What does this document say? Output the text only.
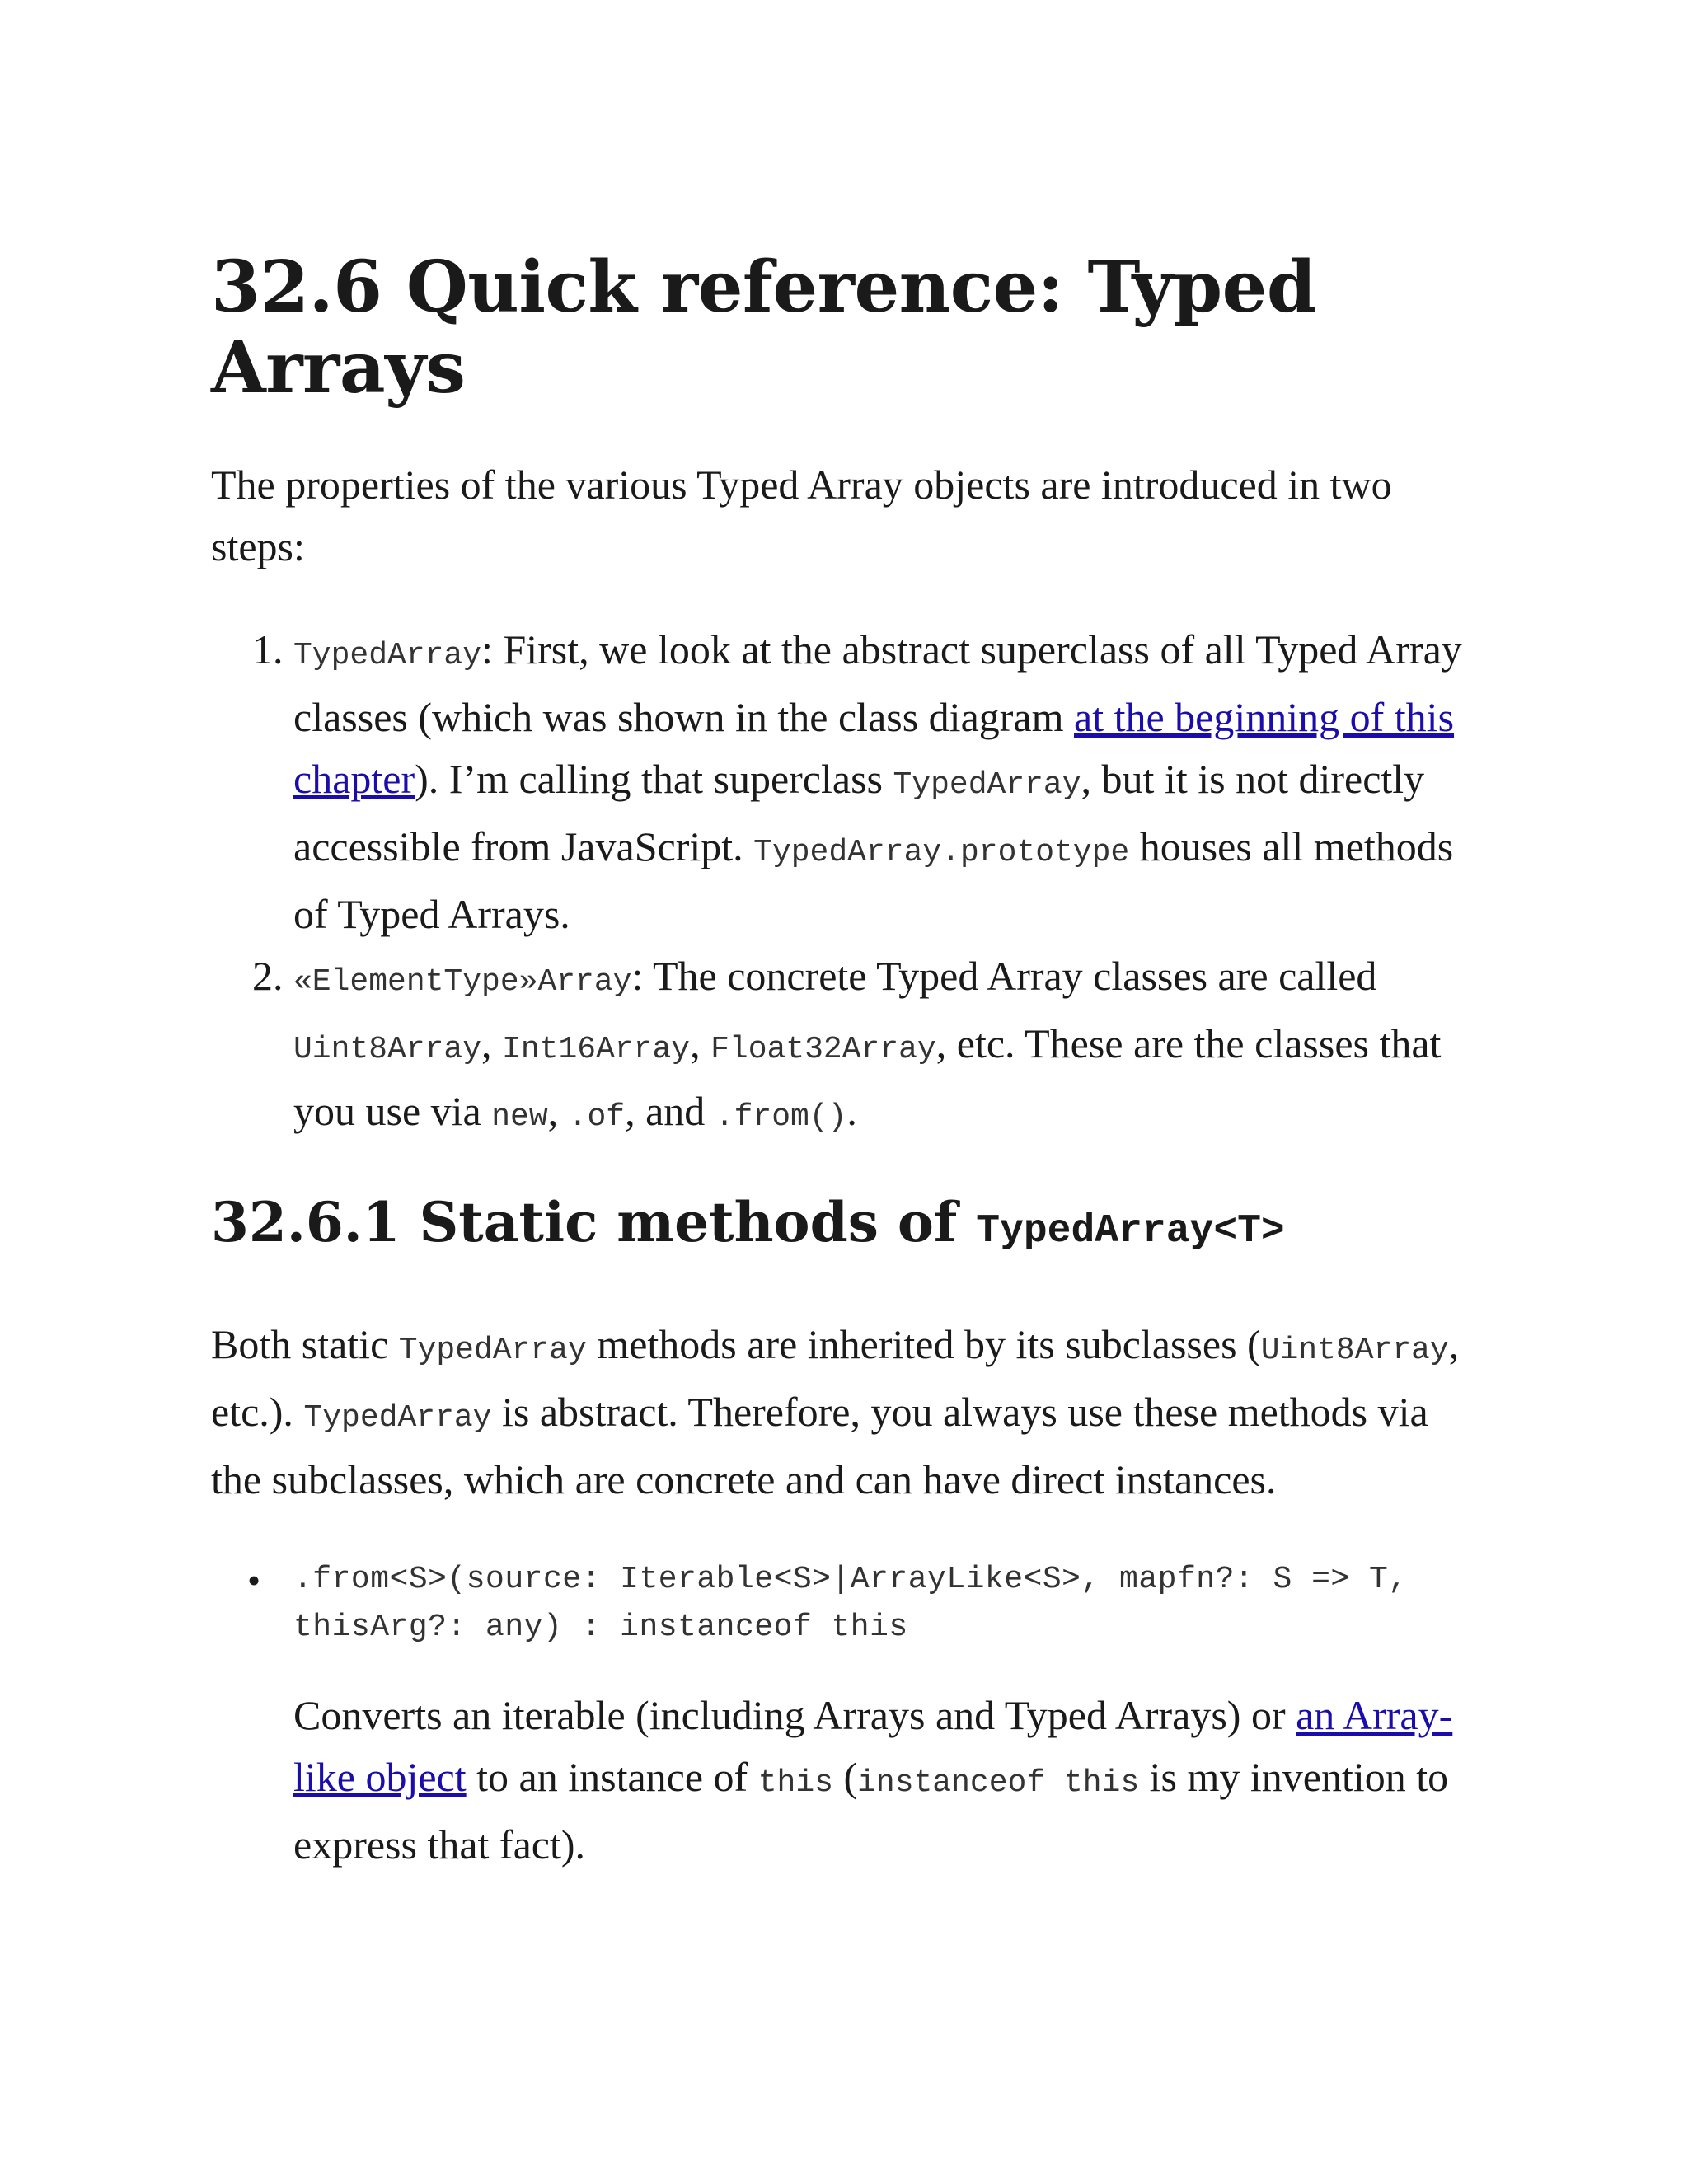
32.6 Quick reference: Typed Arrays

The properties of the various Typed Array objects are introduced in two steps:

1. TypedArray: First, we look at the abstract superclass of all Typed Array classes (which was shown in the class diagram at the beginning of this chapter). I’m calling that superclass TypedArray, but it is not directly accessible from JavaScript. TypedArray.prototype houses all methods of Typed Arrays.
2. «ElementType»Array: The concrete Typed Array classes are called Uint8Array, Int16Array, Float32Array, etc. These are the classes that you use via new, .of, and .from().
32.6.1 Static methods of TypedArray<T>

Both static TypedArray methods are inherited by its subclasses (Uint8Array, etc.). TypedArray is abstract. Therefore, you always use these methods via the subclasses, which are concrete and can have direct instances.

• .from<S>(source: Iterable<S>|ArrayLike<S>, mapfn?: S => T, thisArg?: any) : instanceof this

Converts an iterable (including Arrays and Typed Arrays) or an Array-like object to an instance of this (instanceof this is my invention to express that fact).
